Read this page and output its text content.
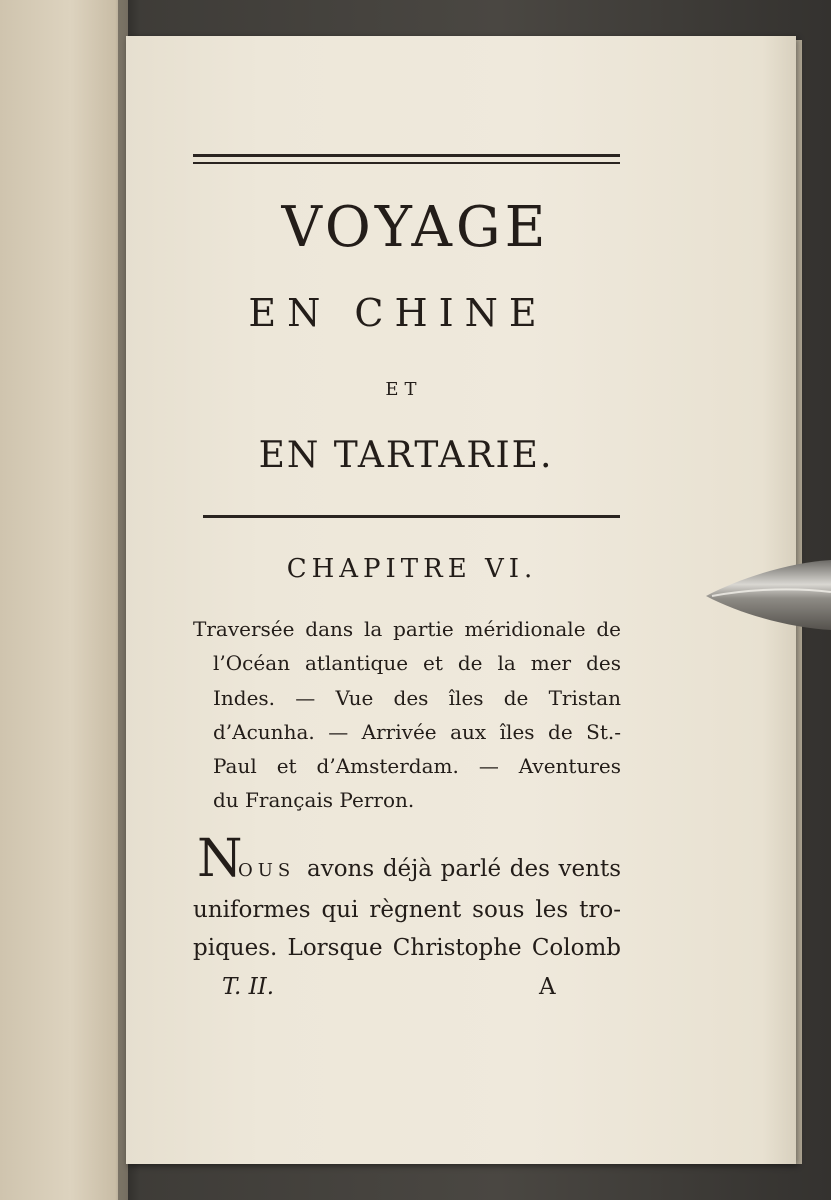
VOYAGE
EN CHINE
ET
EN TARTARIE.
CHAPITRE VI.
Traversée dans la partie méridionale de
l’Océan atlantique et de la mer des
Indes. — Vue des îles de Tristan
d’Acunha. — Arrivée aux îles de St.-
Paul et d’Amsterdam. — Aventures
du Français Perron.
N
OUS avons déjà parlé des vents
uniformes qui règnent sous les tro-
piques. Lorsque Christophe Colomb
T. II.	A
